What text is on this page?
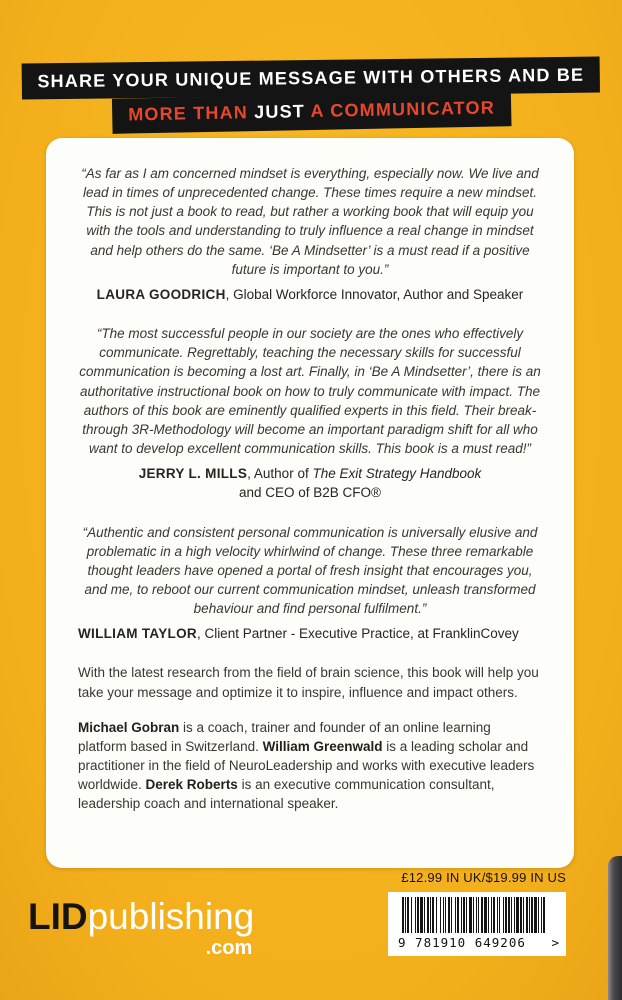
SHARE YOUR UNIQUE MESSAGE WITH OTHERS AND BE
MORE THAN JUST A COMMUNICATOR

“As far as I am concerned mindset is everything, especially now. We live and lead in times of unprecedented change. These times require a new mindset. This is not just a book to read, but rather a working book that will equip you with the tools and understanding to truly influence a real change in mindset and help others do the same. ‘Be A Mindsetter’ is a must read if a positive future is important to you.”

LAURA GOODRICH, Global Workforce Innovator, Author and Speaker

“The most successful people in our society are the ones who effectively communicate. Regrettably, teaching the necessary skills for successful communication is becoming a lost art. Finally, in ‘Be A Mindsetter’, there is an authoritative instructional book on how to truly communicate with impact. The authors of this book are eminently qualified experts in this field. Their break-through 3R-Methodology will become an important paradigm shift for all who want to develop excellent communication skills. This book is a must read!”

JERRY L. MILLS, Author of The Exit Strategy Handbook
and CEO of B2B CFO®

“Authentic and consistent personal communication is universally elusive and problematic in a high velocity whirlwind of change. These three remarkable thought leaders have opened a portal of fresh insight that encourages you, and me, to reboot our current communication mindset, unleash transformed behaviour and find personal fulfilment.”

WILLIAM TAYLOR, Client Partner - Executive Practice, at FranklinCovey

With the latest research from the field of brain science, this book will help you take your message and optimize it to inspire, influence and impact others.

Michael Gobran is a coach, trainer and founder of an online learning platform based in Switzerland. William Greenwald is a leading scholar and practitioner in the field of NeuroLeadership and works with executive leaders worldwide. Derek Roberts is an executive communication consultant, leadership coach and international speaker.

LIDpublishing
.com
£12.99 IN UK/$19.99 IN US
9 781910 649206 >
